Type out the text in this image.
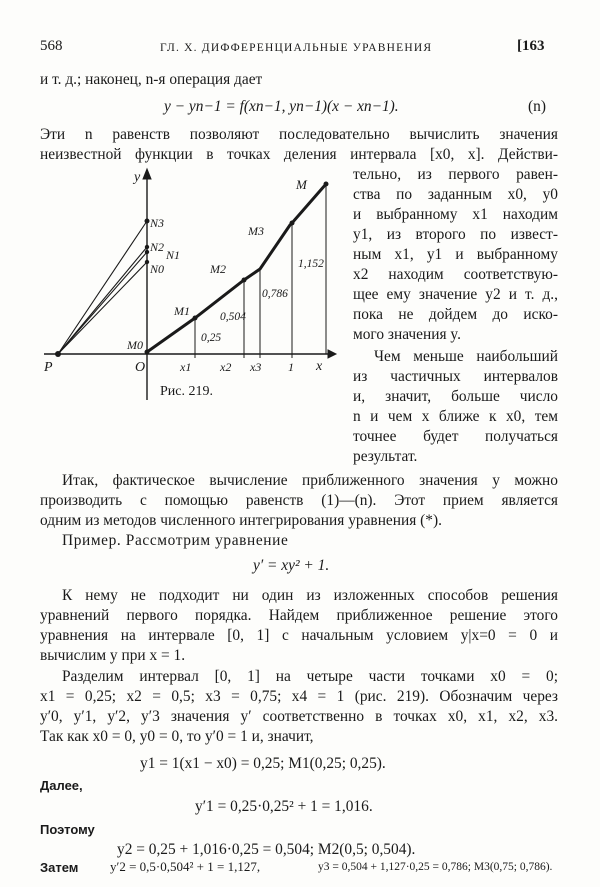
568	ГЛ. X. ДИФФЕРЕНЦИАЛЬНЫЕ УРАВНЕНИЯ	[163
и т. д.; наконец, n-я операция дает
y − yn−1 = f(xn−1, yn−1)(x − xn−1).	(n)
Эти n равенств позволяют последовательно вычислить значения
неизвестной функции в точках деления интервала [x0, x]. Действи-
y
x
P	O
M0
N3
N2
N1
N0
M1
M2
M3
M
x1 x2 x3 1
0,25
0,504
0,786
1,152
Рис. 219.
тельно, из первого равен-
ства по заданным x0, y0
и выбранному x1 находим
y1, из второго по извест-
ным x1, y1 и выбранному
x2 находим соответствую-
щее ему значение y2 и т. д.,
пока не дойдем до иско-
мого значения y.
Чем меньше наибольший
из частичных интервалов
и, значит, больше число
n и чем x ближе к x0, тем
точнее будет получаться
результат.
Итак, фактическое вычисление приближенного значения y можно
производить с помощью равенств (1)—(n). Этот прием является
одним из методов численного интегрирования уравнения (*).
Пример. Рассмотрим уравнение
y′ = xy² + 1.
К нему не подходит ни один из изложенных способов решения
уравнений первого порядка. Найдем приближенное решение этого
уравнения на интервале [0, 1] с начальным условием y|x=0 = 0 и
вычислим y при x = 1.
Разделим интервал [0, 1] на четыре части точками x0 = 0;
x1 = 0,25; x2 = 0,5; x3 = 0,75; x4 = 1 (рис. 219). Обозначим через
y′0, y′1, y′2, y′3 значения y′ соответственно в точках x0, x1, x2, x3.
Так как x0 = 0, y0 = 0, то y′0 = 1 и, значит,
y1 = 1(x1 − x0) = 0,25; M1(0,25; 0,25).
Далее,
y′1 = 0,25·0,25² + 1 = 1,016.
Поэтому
y2 = 0,25 + 1,016·0,25 = 0,504; M2(0,5; 0,504).
Затем y′2 = 0,5·0,504² + 1 = 1,127,	y3 = 0,504 + 1,127·0,25 = 0,786; M3(0,75; 0,786).
